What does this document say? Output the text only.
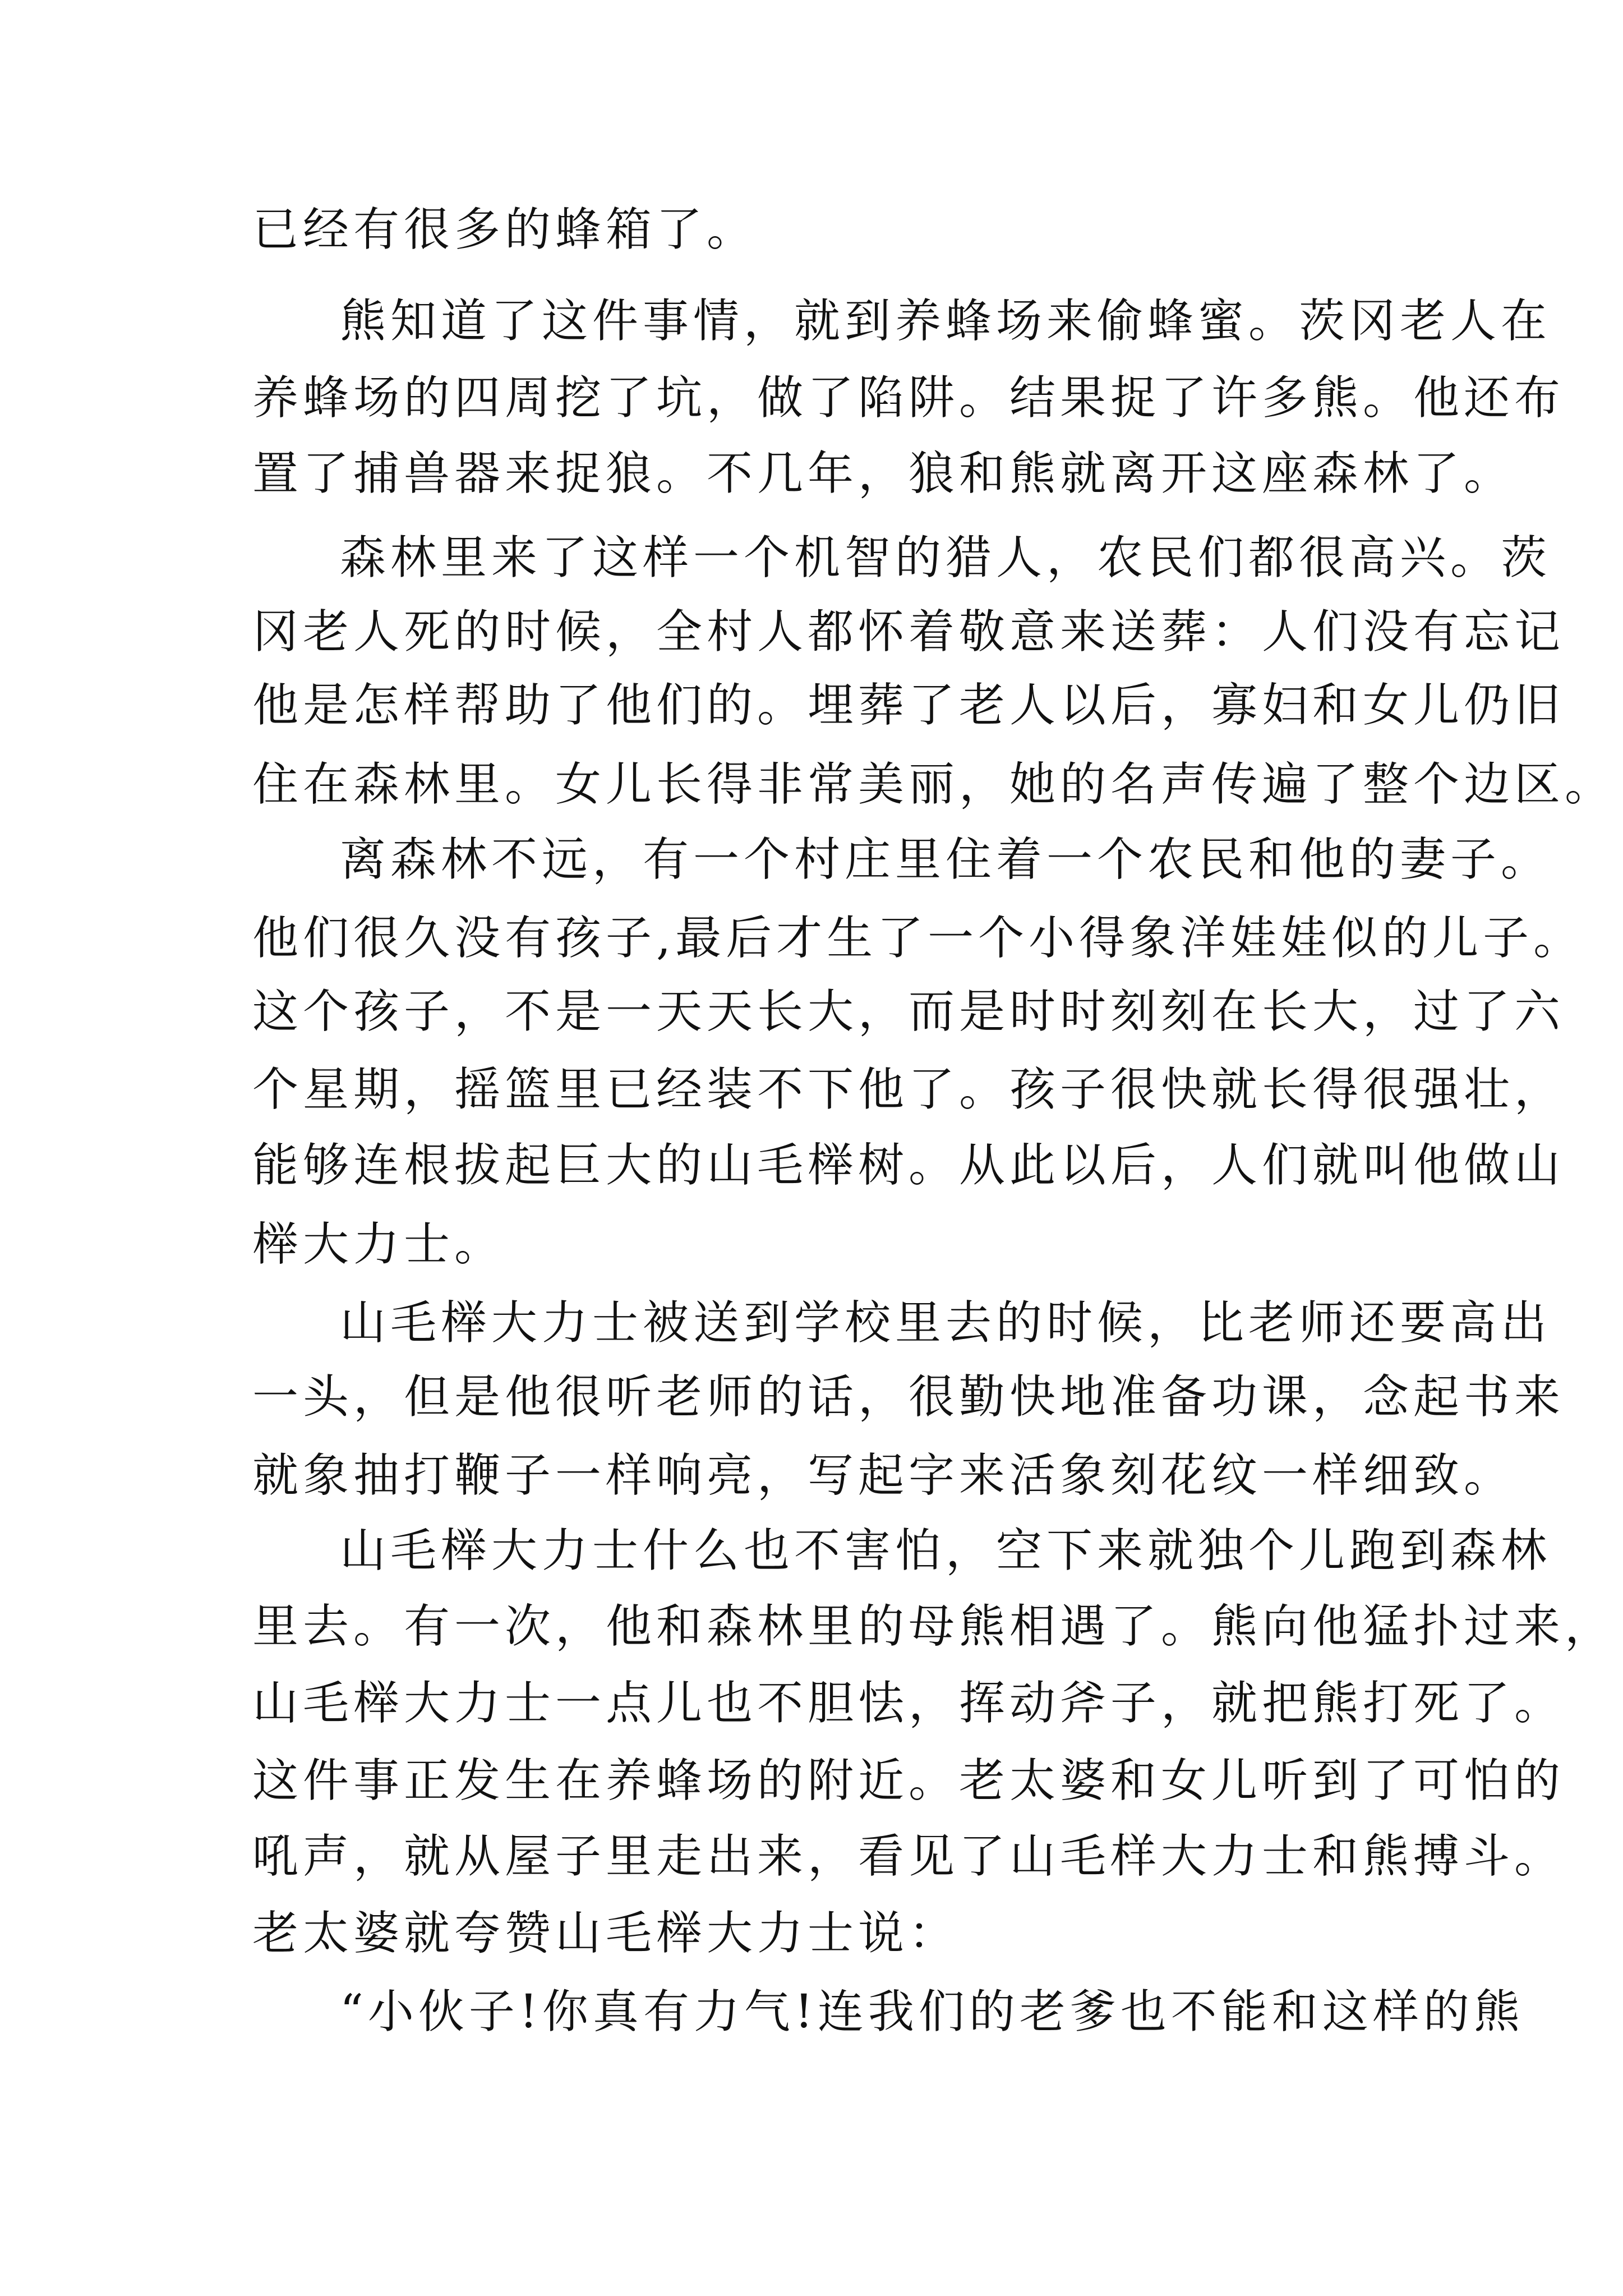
已经有很多的蜂箱了。
熊知道了这件事情，就到养蜂场来偷蜂蜜。茨冈老人在
养蜂场的四周挖了坑，做了陷阱。结果捉了许多熊。他还布
置了捕兽器来捉狼。不几年，狼和熊就离开这座森林了。
森林里来了这样一个机智的猎人，农民们都很高兴。茨
冈老人死的时候，全村人都怀着敬意来送葬：人们没有忘记
他是怎样帮助了他们的。埋葬了老人以后，寡妇和女儿仍旧
住在森林里。女儿长得非常美丽，她的名声传遍了整个边区。
离森林不远，有一个村庄里住着一个农民和他的妻子。
他们很久没有孩子,最后才生了一个小得象洋娃娃似的儿子。
这个孩子，不是一天天长大，而是时时刻刻在长大，过了六
个星期，摇篮里已经装不下他了。孩子很快就长得很强壮，
能够连根拔起巨大的山毛榉树。从此以后，人们就叫他做山
榉大力士。
山毛榉大力士被送到学校里去的时候，比老师还要高出
一头，但是他很听老师的话，很勤快地准备功课，念起书来
就象抽打鞭子一样响亮，写起字来活象刻花纹一样细致。
山毛榉大力士什么也不害怕，空下来就独个儿跑到森林
里去。有一次，他和森林里的母熊相遇了。熊向他猛扑过来，
山毛榉大力士一点儿也不胆怯，挥动斧子，就把熊打死了。
这件事正发生在养蜂场的附近。老太婆和女儿听到了可怕的
吼声，就从屋子里走出来，看见了山毛样大力士和熊搏斗。
老太婆就夸赞山毛榉大力士说：
“小伙子!你真有力气!连我们的老爹也不能和这样的熊
